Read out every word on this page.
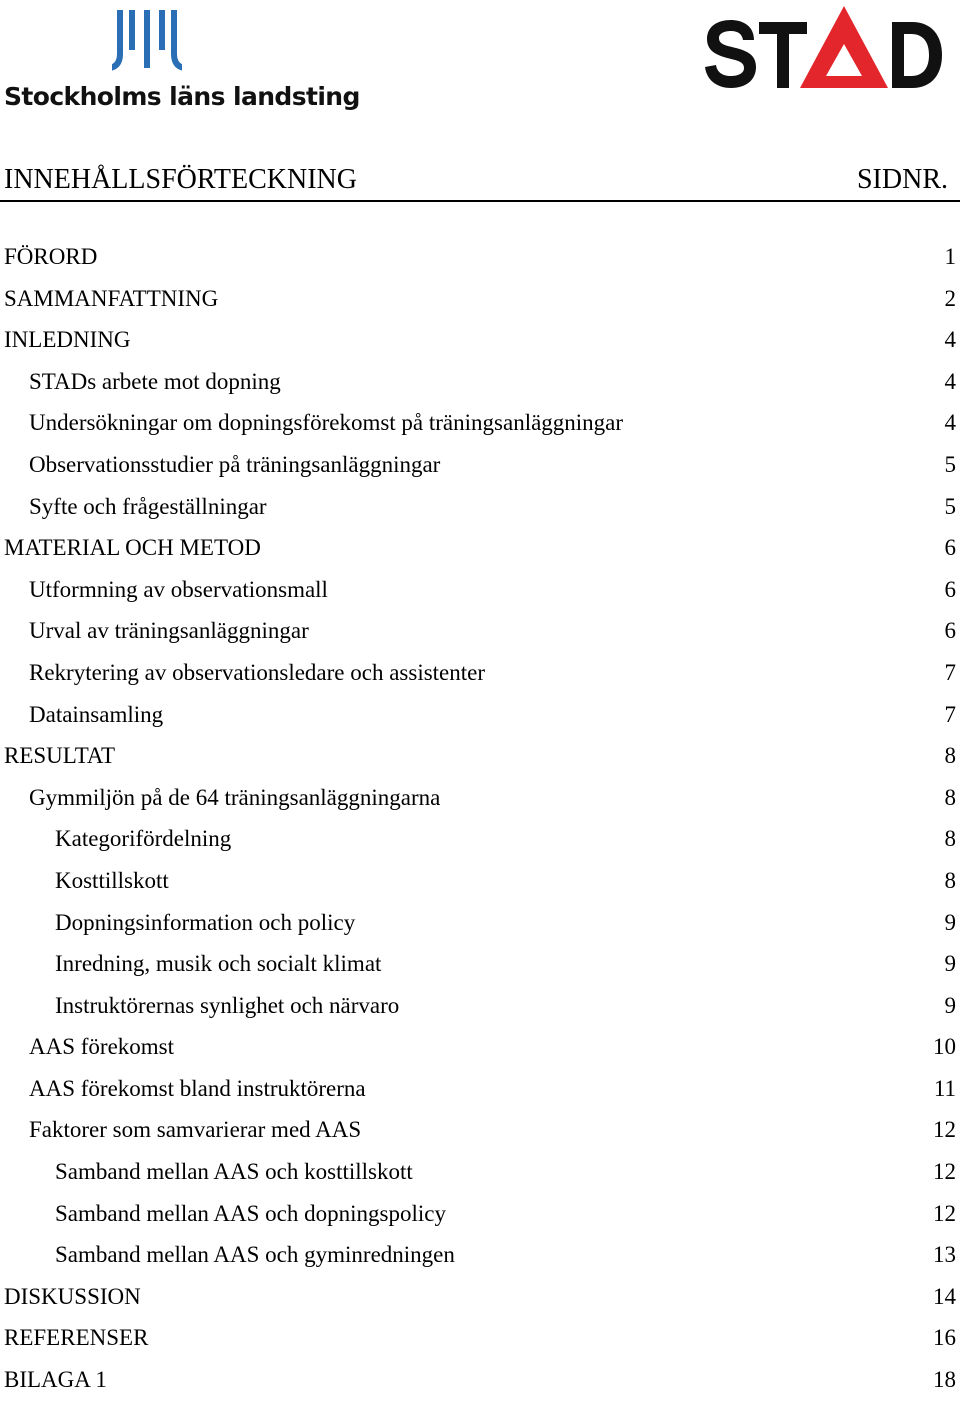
Stockholms läns landsting
INNEHÅLLSFÖRTECKNING	SIDNR.
FÖRORD	1
SAMMANFATTNING	2
INLEDNING	4
STADs arbete mot dopning	4
Undersökningar om dopningsförekomst på träningsanläggningar	4
Observationsstudier på träningsanläggningar	5
Syfte och frågeställningar	5
MATERIAL OCH METOD	6
Utformning av observationsmall	6
Urval av träningsanläggningar	6
Rekrytering av observationsledare och assistenter	7
Datainsamling	7
RESULTAT	8
Gymmiljön på de 64 träningsanläggningarna	8
Kategorifördelning	8
Kosttillskott	8
Dopningsinformation och policy	9
Inredning, musik och socialt klimat	9
Instruktörernas synlighet och närvaro	9
AAS förekomst	10
AAS förekomst bland instruktörerna	11
Faktorer som samvarierar med AAS	12
Samband mellan AAS och kosttillskott	12
Samband mellan AAS och dopningspolicy	12
Samband mellan AAS och gyminredningen	13
DISKUSSION	14
REFERENSER	16
BILAGA 1	18
